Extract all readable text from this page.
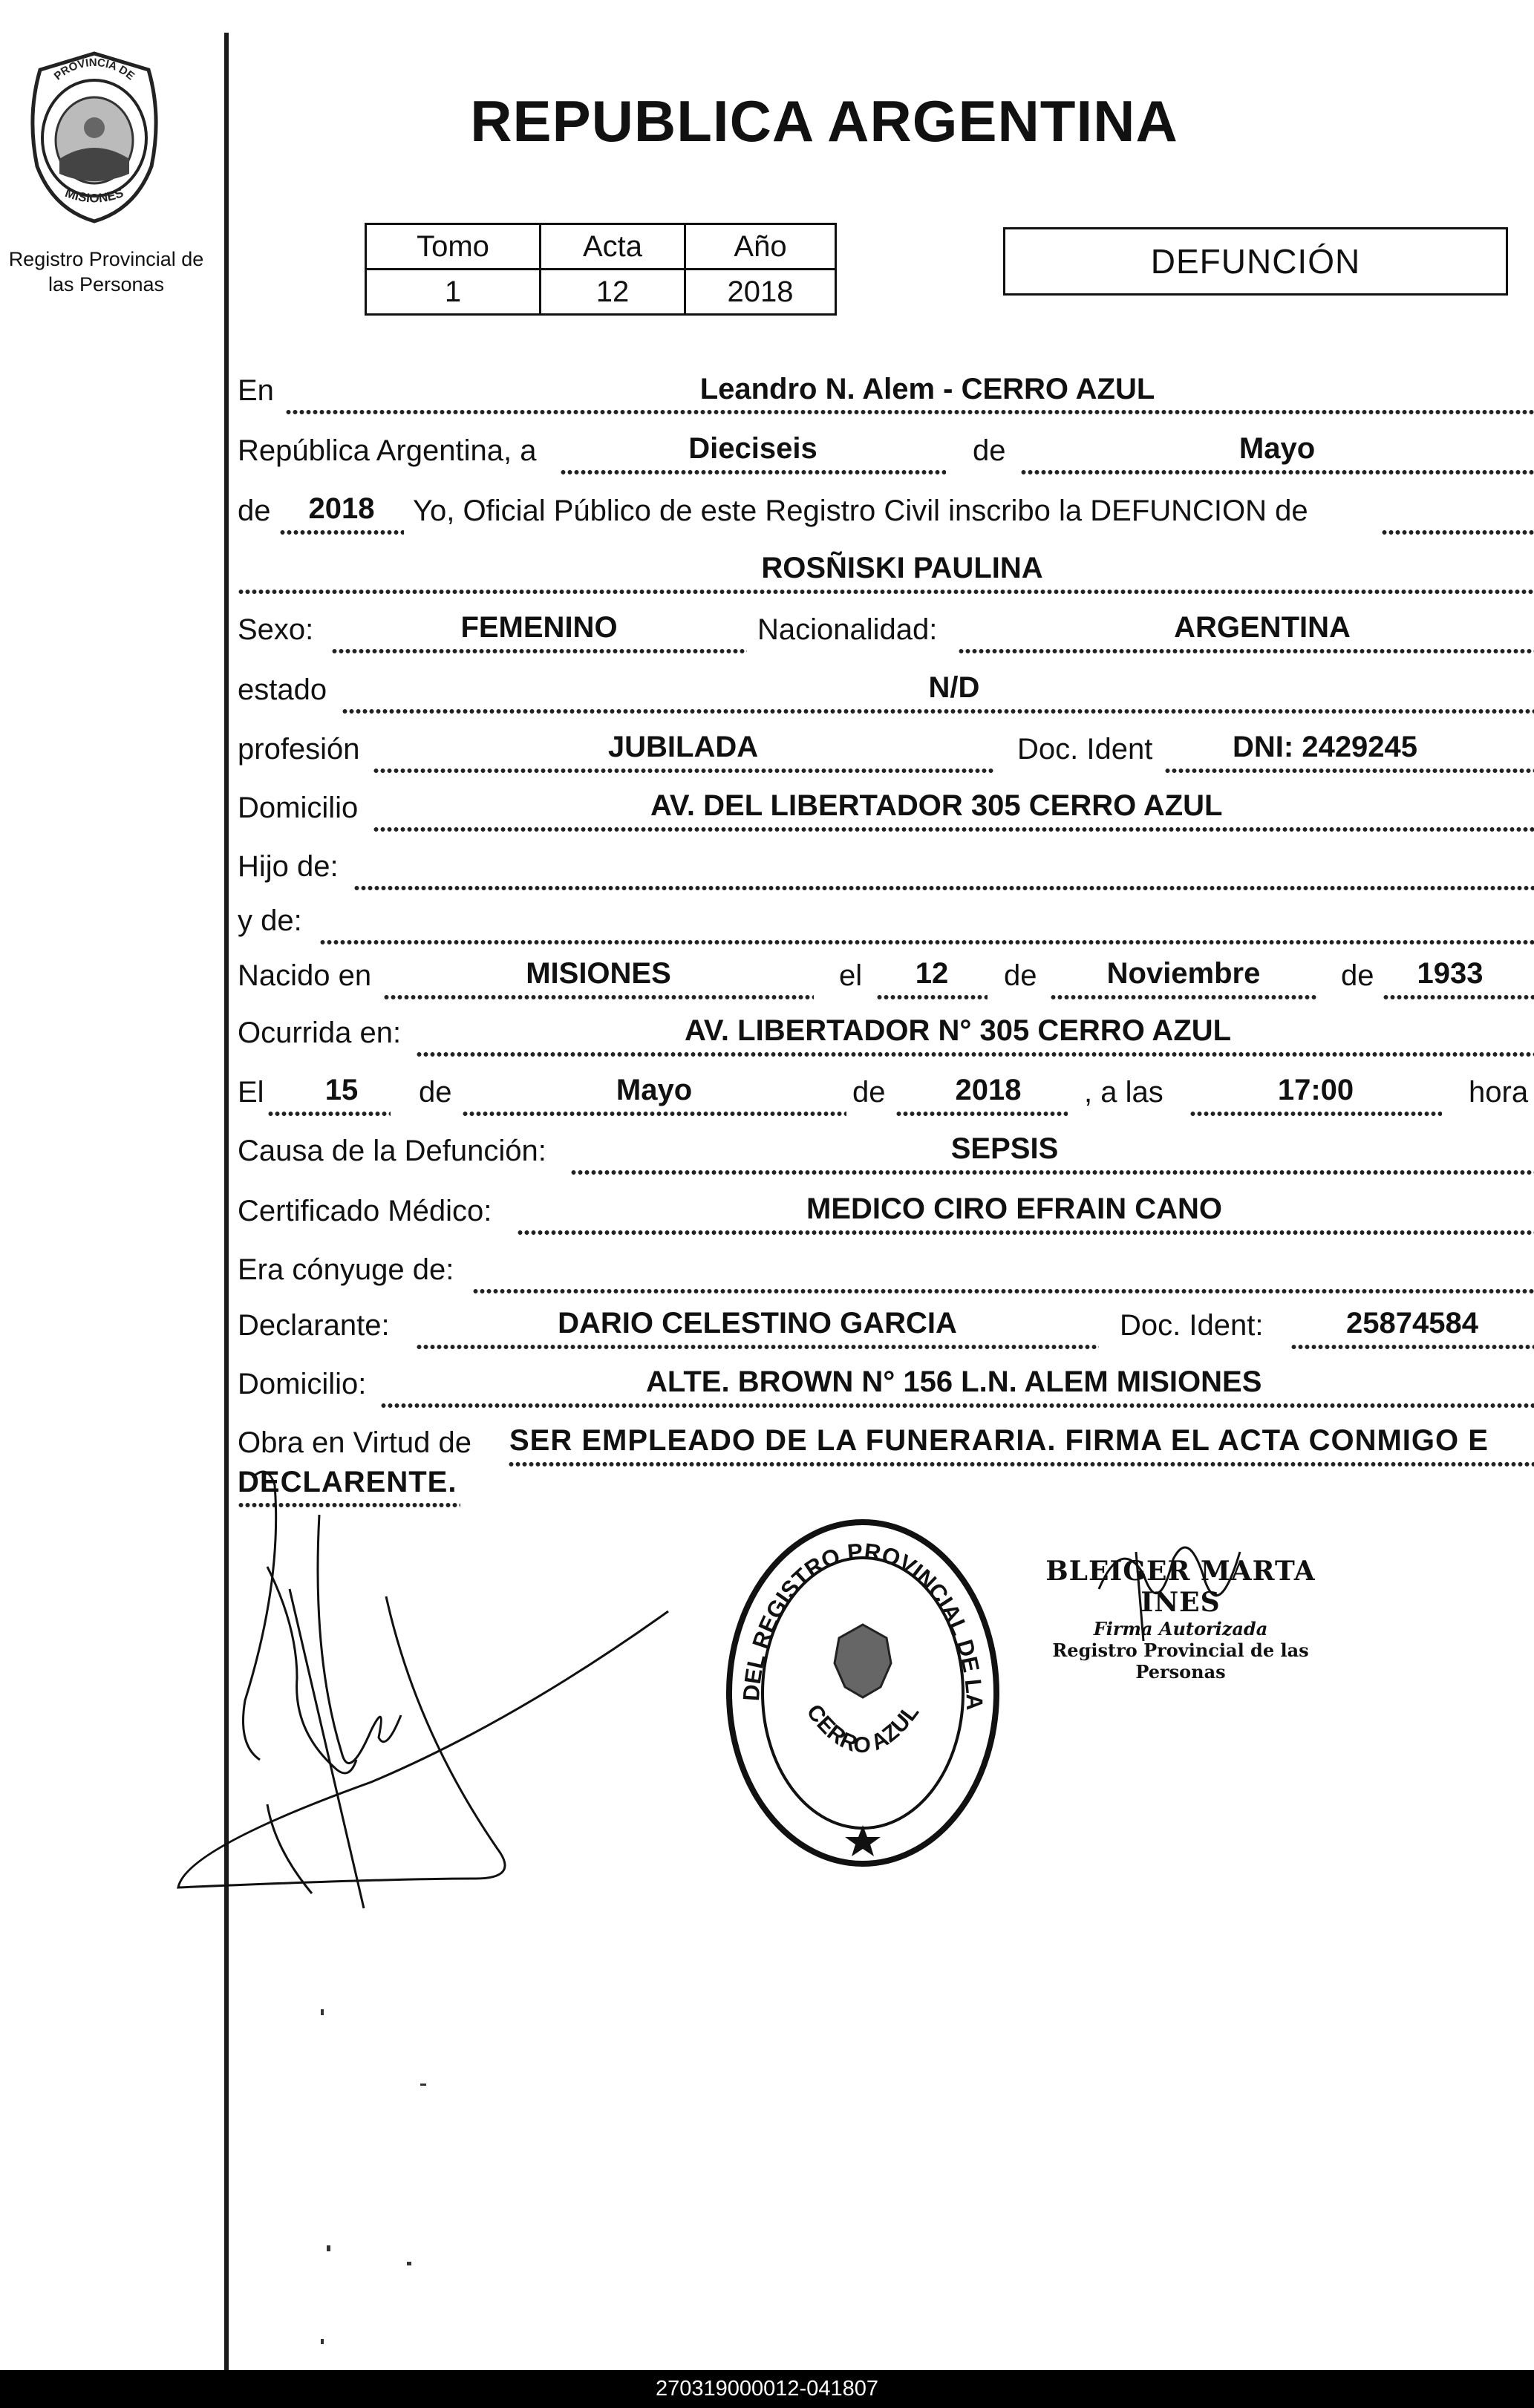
PROVINCIA DE
MISIONES
Registro Provincial de
las Personas
REPUBLICA ARGENTINA
Tomo	Acta	Año
1	12	2018
DEFUNCIÓN
En	Leandro N. Alem - CERRO AZUL
República Argentina, a	Dieciseis	de	Mayo
de	2018	Yo, Oficial Público de este Registro Civil inscribo la DEFUNCION de
ROSÑISKI PAULINA
Sexo:	FEMENINO	Nacionalidad:	ARGENTINA
estado	N/D
profesión	JUBILADA	Doc. Ident	DNI: 2429245
Domicilio	AV. DEL LIBERTADOR 305 CERRO AZUL
Hijo de:
y de:
Nacido en	MISIONES	el	12	de	Noviembre	de	1933
Ocurrida en:	AV. LIBERTADOR N° 305 CERRO AZUL
El	15	de	Mayo	de	2018	, a las	17:00	hora
Causa de la Defunción:	SEPSIS
Certificado Médico:	MEDICO CIRO EFRAIN CANO
Era cónyuge de:
Declarante:	DARIO CELESTINO GARCIA	Doc. Ident:	25874584
Domicilio:	ALTE. BROWN N° 156 L.N. ALEM MISIONES
Obra en Virtud de SER EMPLEADO DE LA FUNERARIA. FIRMA EL ACTA CONMIGO E
DECLARENTE.
DELEGACION DEL REGISTRO PROVINCIAL DE LAS PERSONAS
CERRO AZUL
BLEIGER MARTA INES
Firma Autorizada
Registro Provincial de las Personas
270319000012-041807
